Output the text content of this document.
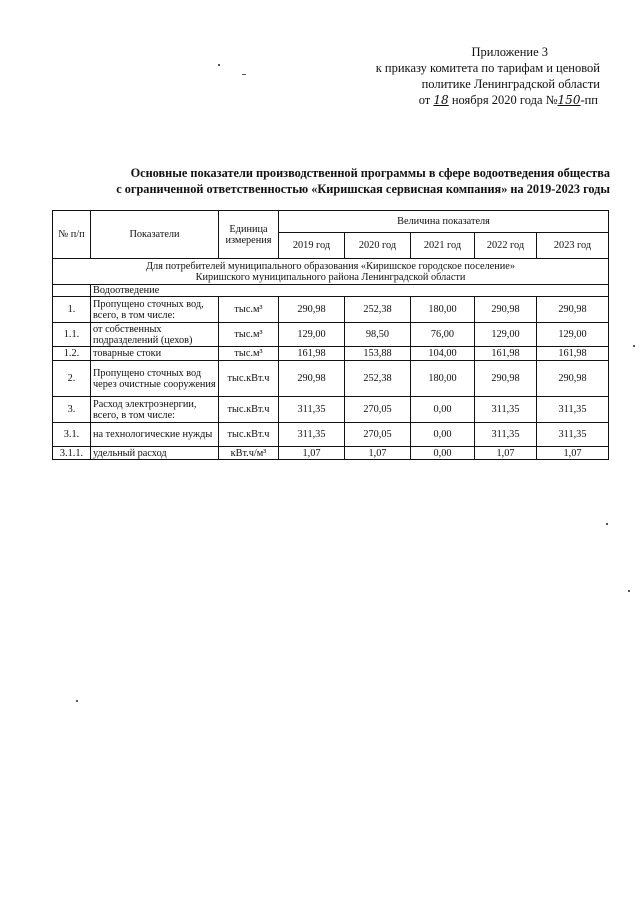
Приложение 3
к приказу комитета по тарифам и ценовой
политике Ленинградской области
от 18 ноября 2020 года №150-пп
Основные показатели производственной программы в сфере водоотведения общества
с ограниченной ответственностью «Киришская сервисная компания» на 2019-2023 годы
№ п/п	Показатели	Единица измерения	Величина показателя				
			2019 год	2020 год	2021 год	2022 год	2023 год

Для потребителей муниципального образования «Киришское городское поселение»
Киришского муниципального района Ленинградской области							

	Водоотведение						
1.	Пропущено сточных вод, всего, в том числе:	тыс.м³	290,98	252,38	180,00	290,98	290,98
1.1.	от собственных подразделений (цехов)	тыс.м³	129,00	98,50	76,00	129,00	129,00
1.2.	товарные стоки	тыс.м³	161,98	153,88	104,00	161,98	161,98
2.	Пропущено сточных вод через очистные сооружения	тыс.кВт.ч	290,98	252,38	180,00	290,98	290,98
3.	Расход электроэнергии, всего, в том числе:	тыс.кВт.ч	311,35	270,05	0,00	311,35	311,35
3.1.	на технологические нужды	тыс.кВт.ч	311,35	270,05	0,00	311,35	311,35
3.1.1.	удельный расход	кВт.ч/м³	1,07	1,07	0,00	1,07	1,07
